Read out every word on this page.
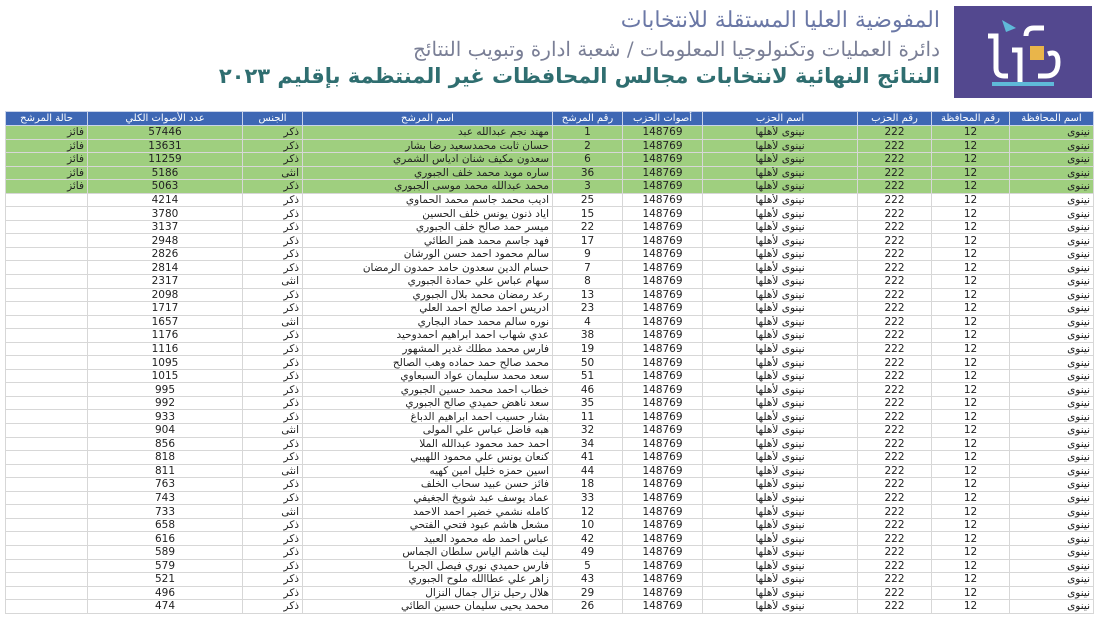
المفوضية العليا المستقلة للانتخابات
دائرة العمليات وتكنولوجيا المعلومات / شعبة ادارة وتبويب النتائج
النتائج النهائية لانتخابات مجالس المحافظات غير المنتظمة بإقليم ٢٠٢٣
اسم المحافظة	رقم المحافظة	رقم الحزب	اسم الحزب	أصوات الحزب	رقم المرشح	اسم المرشح	الجنس	عدد الأصوات الكلي	حالة المرشح
نينوى	12	222	نينوى لأهلها	148769	1	مهند نجم عبدالله عبد	ذكر	57446	فائز
نينوى	12	222	نينوى لأهلها	148769	2	حسان ثابت محمدسعيد رضا بشار	ذكر	13631	فائز
نينوى	12	222	نينوى لأهلها	148769	6	سعدون مكيف شنان ادياس الشمري	ذكر	11259	فائز
نينوى	12	222	نينوى لأهلها	148769	36	ساره مويد محمد خلف الجبوري	انثى	5186	فائز
نينوى	12	222	نينوى لأهلها	148769	3	محمد عبدالله محمد موسى الجبوري	ذكر	5063	فائز
نينوى	12	222	نينوى لأهلها	148769	25	اديب محمد جاسم محمد الحماوي	ذكر	4214	
نينوى	12	222	نينوى لأهلها	148769	15	اياد ذنون يونس خلف الحسين	ذكر	3780	
نينوى	12	222	نينوى لأهلها	148769	22	ميسر حمد صالح خلف الجبوري	ذكر	3137	
نينوى	12	222	نينوى لأهلها	148769	17	فهد جاسم محمد همز الطائي	ذكر	2948	
نينوى	12	222	نينوى لأهلها	148769	9	سالم محمود احمد حسن الورشان	ذكر	2826	
نينوى	12	222	نينوى لأهلها	148769	7	حسام الدين سعدون حامد حمدون الرمضان	ذكر	2814	
نينوى	12	222	نينوى لأهلها	148769	8	سهام عباس علي حمادة الجبوري	انثى	2317	
نينوى	12	222	نينوى لأهلها	148769	13	رعد رمضان محمد بلال الجبوري	ذكر	2098	
نينوى	12	222	نينوى لأهلها	148769	23	ادريس احمد صالح احمد العلي	ذكر	1717	
نينوى	12	222	نينوى لأهلها	148769	4	نوره سالم محمد حماد البجاري	انثى	1657	
نينوى	12	222	نينوى لأهلها	148769	38	عدي شهاب احمد ابراهيم احمدوحيد	ذكر	1176	
نينوى	12	222	نينوى لأهلها	148769	19	فارس محمد مطلك غدير المشهور	ذكر	1116	
نينوى	12	222	نينوى لأهلها	148769	50	محمد صالح حمد حماده وهب الصالح	ذكر	1095	
نينوى	12	222	نينوى لأهلها	148769	51	سعد محمد سليمان عواد السبعاوي	ذكر	1015	
نينوى	12	222	نينوى لأهلها	148769	46	خطاب احمد محمد حسين الجبوري	ذكر	995	
نينوى	12	222	نينوى لأهلها	148769	35	سعد ناهض حميدي صالح الجبوري	ذكر	992	
نينوى	12	222	نينوى لأهلها	148769	11	بشار حسيب احمد ابراهيم الدباغ	ذكر	933	
نينوى	12	222	نينوى لأهلها	148769	32	هبه فاضل عباس علي المولى	انثى	904	
نينوى	12	222	نينوى لأهلها	148769	34	احمد حمد محمود عبدالله الملا	ذكر	856	
نينوى	12	222	نينوى لأهلها	148769	41	كنعان يونس علي محمود اللهيبي	ذكر	818	
نينوى	12	222	نينوى لأهلها	148769	44	اسين حمزه خليل امين كهيه	انثى	811	
نينوى	12	222	نينوى لأهلها	148769	18	فائز حسن عبيد سحاب الخلف	ذكر	763	
نينوى	12	222	نينوى لأهلها	148769	33	عماد يوسف عبد شويخ الجغيفي	ذكر	743	
نينوى	12	222	نينوى لأهلها	148769	12	كامله نشمي خضير احمد الاحمد	انثى	733	
نينوى	12	222	نينوى لأهلها	148769	10	مشعل هاشم عبود فتحي الفتحي	ذكر	658	
نينوى	12	222	نينوى لأهلها	148769	42	عباس احمد طه محمود العبيد	ذكر	616	
نينوى	12	222	نينوى لأهلها	148769	49	ليث هاشم الياس سلطان الجماس	ذكر	589	
نينوى	12	222	نينوى لأهلها	148769	5	فارس حميدي نوري فيصل الجربا	ذكر	579	
نينوى	12	222	نينوى لأهلها	148769	43	زاهر علي عطاالله ملوح الجبوري	ذكر	521	
نينوى	12	222	نينوى لأهلها	148769	29	هلال رحيل نزال جمال النزال	ذكر	496	
نينوى	12	222	نينوى لأهلها	148769	26	محمد يحيى سليمان حسين الطائي	ذكر	474	
